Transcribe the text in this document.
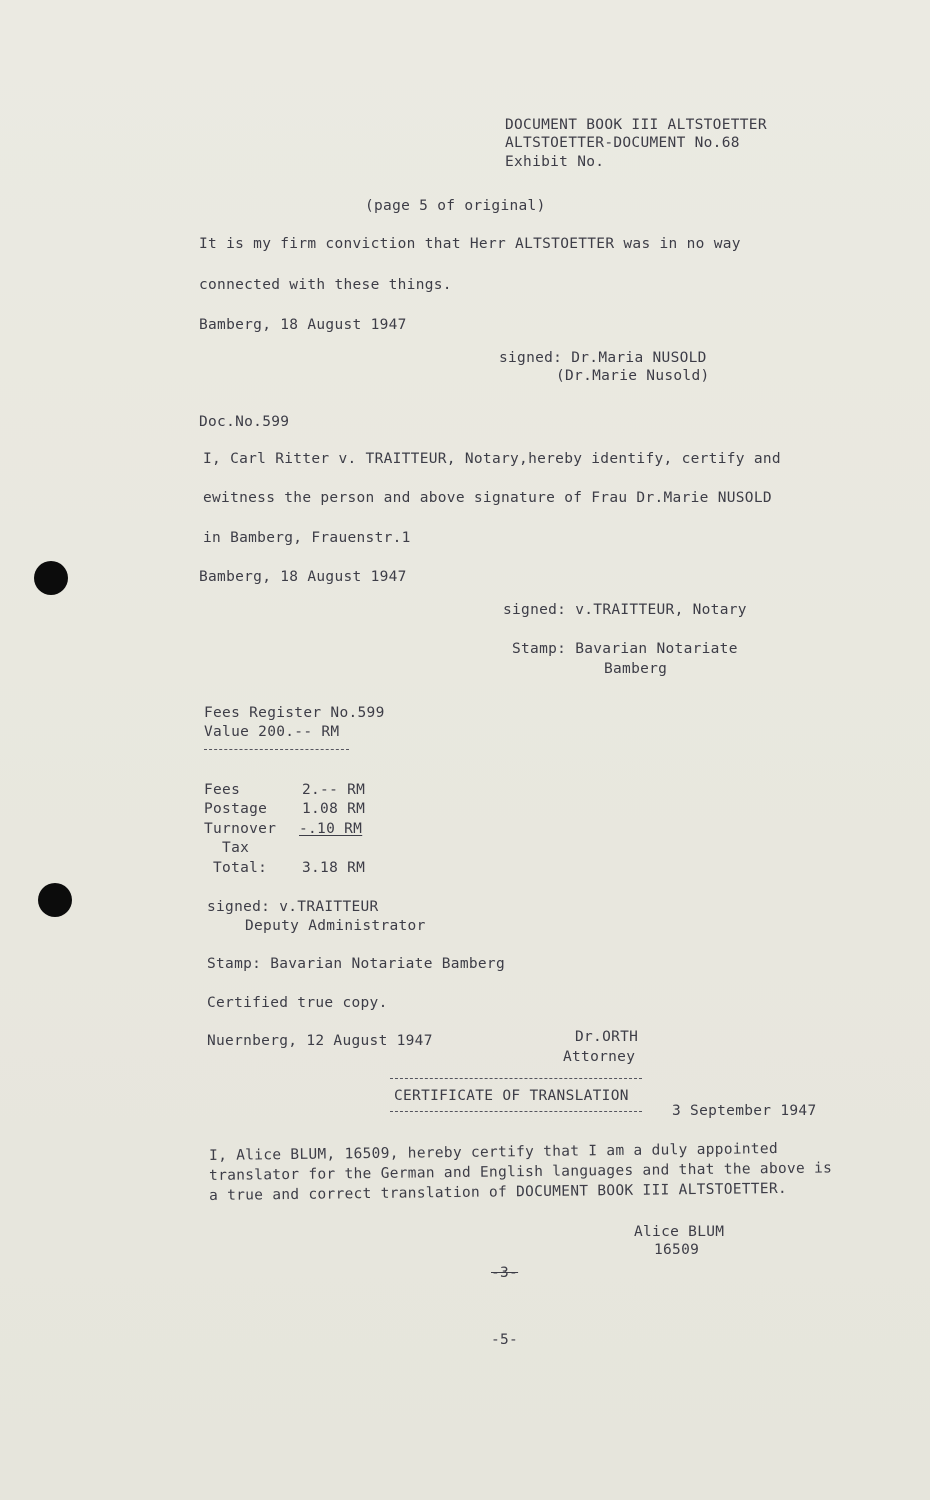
DOCUMENT BOOK III ALTSTOETTER
ALTSTOETTER-DOCUMENT No.68
Exhibit No.
(page 5 of original)
It is my firm conviction that Herr ALTSTOETTER was in no way
connected with these things.
Bamberg, 18 August 1947
signed: Dr.Maria NUSOLD
(Dr.Marie Nusold)
Doc.No.599
I, Carl Ritter v. TRAITTEUR, Notary,hereby identify, certify and
ewitness the person and above signature of Frau Dr.Marie NUSOLD
in Bamberg, Frauenstr.1
Bamberg, 18 August 1947
signed: v.TRAITTEUR, Notary
Stamp: Bavarian Notariate
Bamberg
Fees Register No.599
Value 200.-- RM
Fees	2.-- RM
Postage 1.08 RM
Turnover -.10 RM
Tax
Total: 3.18 RM
signed: v.TRAITTEUR
Deputy Administrator
Stamp: Bavarian Notariate Bamberg
Certified true copy.
Nuernberg, 12 August 1947	Dr.ORTH
Attorney
CERTIFICATE OF TRANSLATION
3 September 1947
I, Alice BLUM, 16509, hereby certify that I am a duly appointed
translator for the German and English languages and that the above is
a true and correct translation of DOCUMENT BOOK III ALTSTOETTER.
Alice BLUM
16509
-3-
-5-
